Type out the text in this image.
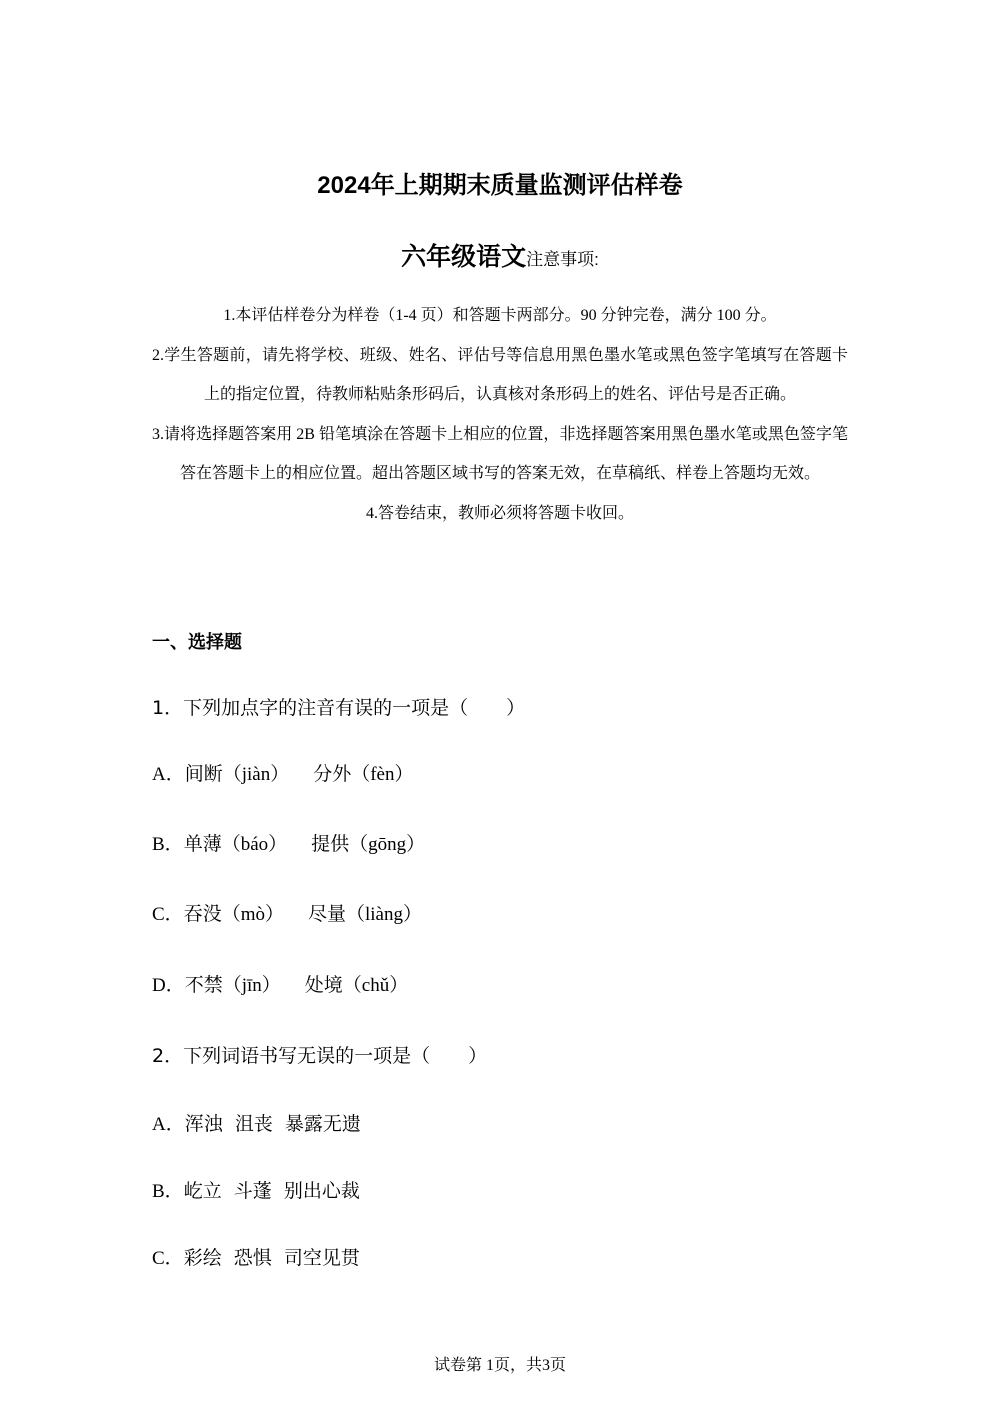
2024年上期期末质量监测评估样卷
六年级语文注意事项:

1.本评估样卷分为样卷（1-4 页）和答题卡两部分。90 分钟完卷，满分 100 分。

2.学生答题前，请先将学校、班级、姓名、评估号等信息用黑色墨水笔或黑色签字笔填写在答题卡上的指定位置，待教师粘贴条形码后，认真核对条形码上的姓名、评估号是否正确。

3.请将选择题答案用 2B 铅笔填涂在答题卡上相应的位置，非选择题答案用黑色墨水笔或黑色签字笔答在答题卡上的相应位置。超出答题区域书写的答案无效，在草稿纸、样卷上答题均无效。

4.答卷结束，教师必须将答题卡收回。

一、选择题
1．下列加点字的注音有误的一项是（　　）
A．间断（jiàn） 分外（fèn）
B．单薄（báo） 提供（gōng）
C．吞没（mò） 尽量（liàng）
D．不禁（jīn） 处境（chǔ）
2．下列词语书写无误的一项是（　　）
A．浑浊  沮丧  暴露无遗
B．屹立  斗蓬  别出心裁
C．彩绘  恐惧  司空见贯
试卷第 1页，共3页
